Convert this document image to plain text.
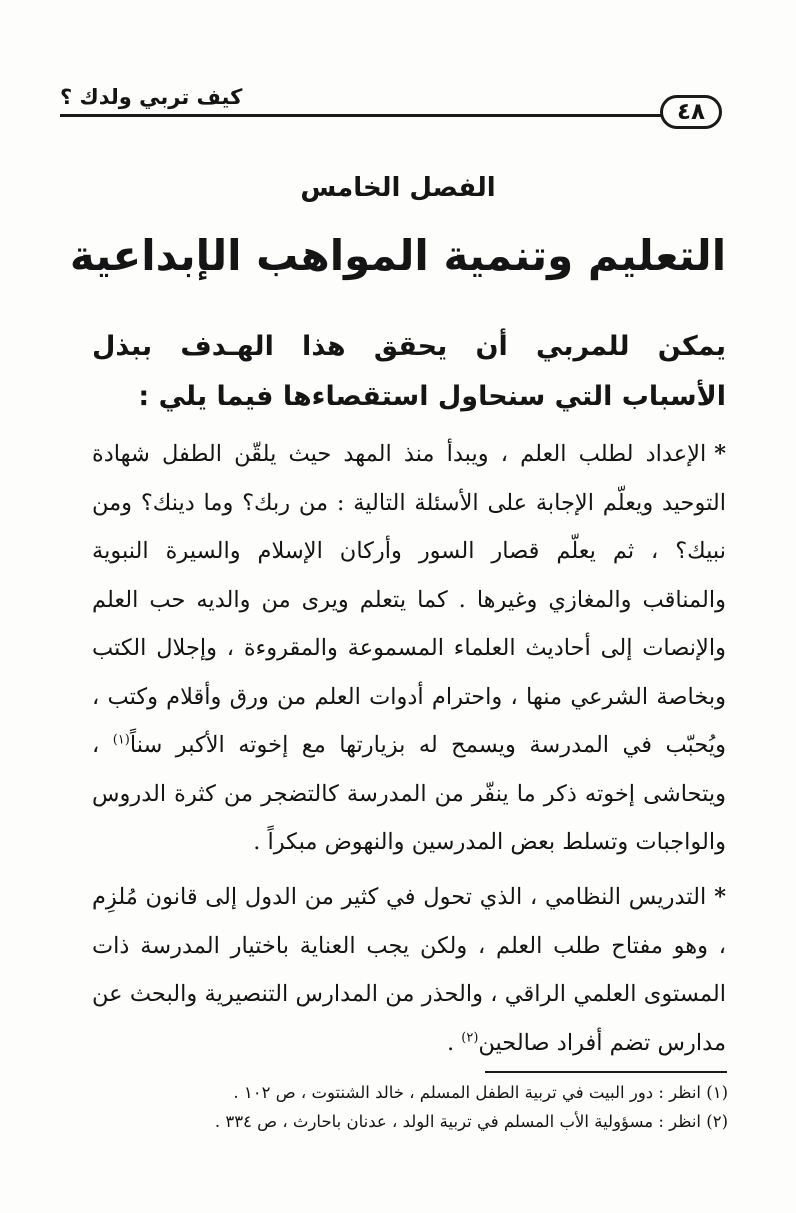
كيف تربي ولدك ؟
٤٨
الفصل الخامس
التعليم وتنمية المواهب الإبداعية
يمكن للمربي أن يحقق هذا الهـدف ببذل الأسباب التي سنحاول استقصاءها فيما يلي :
*الإعداد لطلب العلم ، ويبدأ منذ المهد حيث يلقّن الطفل شهادة التوحيد ويعلّم الإجابة على الأسئلة التالية : من ربك؟ وما دينك؟ ومن نبيك؟ ، ثم يعلّم قصار السور وأركان الإسلام والسيرة النبوية والمناقب والمغازي وغيرها . كما يتعلم ويرى من والديه حب العلم والإنصات إلى أحاديث العلماء المسموعة والمقروءة ، وإجلال الكتب وبخاصة الشرعي منها ، واحترام أدوات العلم من ورق وأقلام وكتب ، ويُحبّب في المدرسة ويسمح له بزيارتها مع إخوته الأكبر سناً$^{(١)}$ ، ويتحاشى إخوته ذكر ما ينفّر من المدرسة كالتضجر من كثرة الدروس والواجبات وتسلط بعض المدرسين والنهوض مبكراً .
*التدريس النظامي ، الذي تحول في كثير من الدول إلى قانون مُلزِم ، وهو مفتاح طلب العلم ، ولكن يجب العناية باختيار المدرسة ذات المستوى العلمي الراقي ، والحذر من المدارس التنصيرية والبحث عن مدارس تضم أفراد صالحين$^{(٢)}$ .
(١) انظر : دور البيت في تربية الطفل المسلم ، خالد الشنتوت ، ص ١٠٢ .
(٢) انظر : مسؤولية الأب المسلم في تربية الولد ، عدنان باحارث ، ص ٣٣٤ .
